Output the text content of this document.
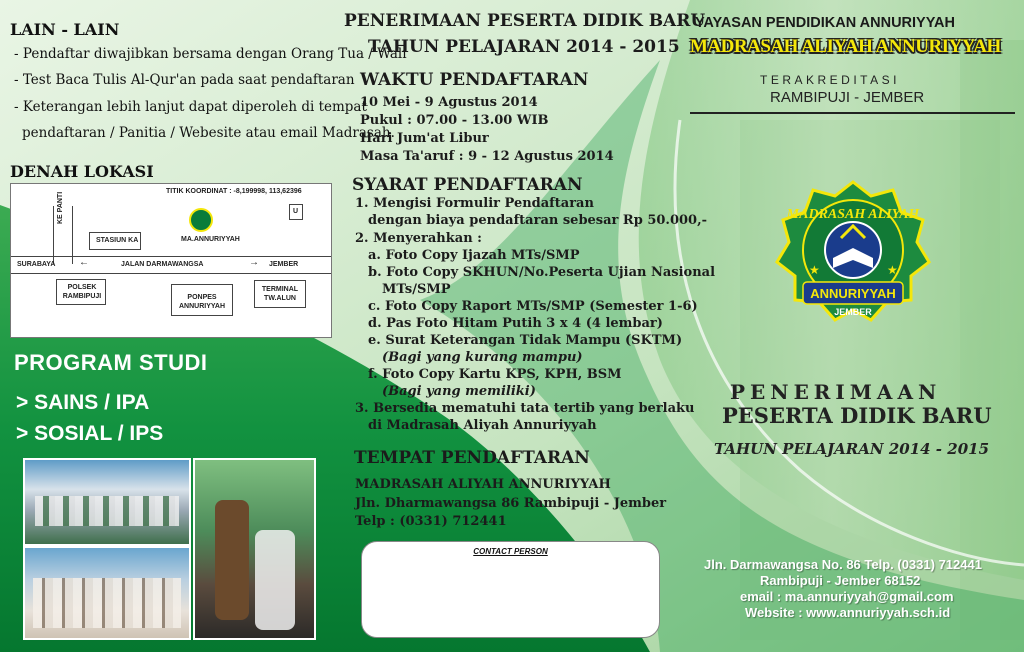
LAIN - LAIN
- Pendaftar diwajibkan bersama dengan Orang Tua / Wali
- Test Baca Tulis Al-Qur'an pada saat pendaftaran
- Keterangan lebih lanjut dapat diperoleh di tempat
pendaftaran / Panitia / Webesite atau email Madrasah.
DENAH LOKASI
TITIK KOORDINAT : -8,199998, 113,62396
U
KE PANTI
STASIUN KA	MA.ANNURIYYAH
SURABAYA	JALAN DARMAWANGSA	JEMBER
←	→
POLSEK RAMBIPUJI	PONPES ANNURIYYAH
TERMINAL TW.ALUN
PROGRAM STUDI
> SAINS / IPA
> SOSIAL / IPS
PENERIMAAN PESERTA DIDIK BARU
TAHUN PELAJARAN 2014 - 2015
WAKTU PENDAFTARAN
10 Mei - 9 Agustus 2014
Pukul : 07.00 - 13.00 WIB
Hari Jum'at Libur
Masa Ta'aruf : 9 - 12 Agustus 2014
SYARAT PENDAFTARAN
1. Mengisi Formulir Pendaftaran
dengan biaya pendaftaran sebesar Rp 50.000,-
2. Menyerahkan :
a. Foto Copy Ijazah MTs/SMP
b. Foto Copy SKHUN/No.Peserta Ujian Nasional
MTs/SMP
c. Foto Copy Raport MTs/SMP (Semester 1-6)
d. Pas Foto Hitam Putih 3 x 4 (4 lembar)
e. Surat Keterangan Tidak Mampu (SKTM)
(Bagi yang kurang mampu)
f. Foto Copy Kartu KPS, KPH, BSM
(Bagi yang memiliki)
3. Bersedia mematuhi tata tertib yang berlaku
di Madrasah Aliyah Annuriyyah
TEMPAT PENDAFTARAN
MADRASAH ALIYAH ANNURIYYAH
Jln. Dharmawangsa 86 Rambipuji - Jember
Telp : (0331) 712441
CONTACT PERSON
YAYASAN PENDIDIKAN ANNURIYYAH
MADRASAH ALIYAH ANNURIYYAH
TERAKREDITASI
RAMBIPUJI - JEMBER
MADRASAH ALIYAH
ANNURIYYAH
JEMBER
★	★
PENERIMAAN
PESERTA DIDIK BARU
TAHUN PELAJARAN 2014 - 2015
Jln. Darmawangsa No. 86 Telp. (0331) 712441
Rambipuji - Jember 68152
email : ma.annuriyyah@gmail.com
Website : www.annuriyyah.sch.id
